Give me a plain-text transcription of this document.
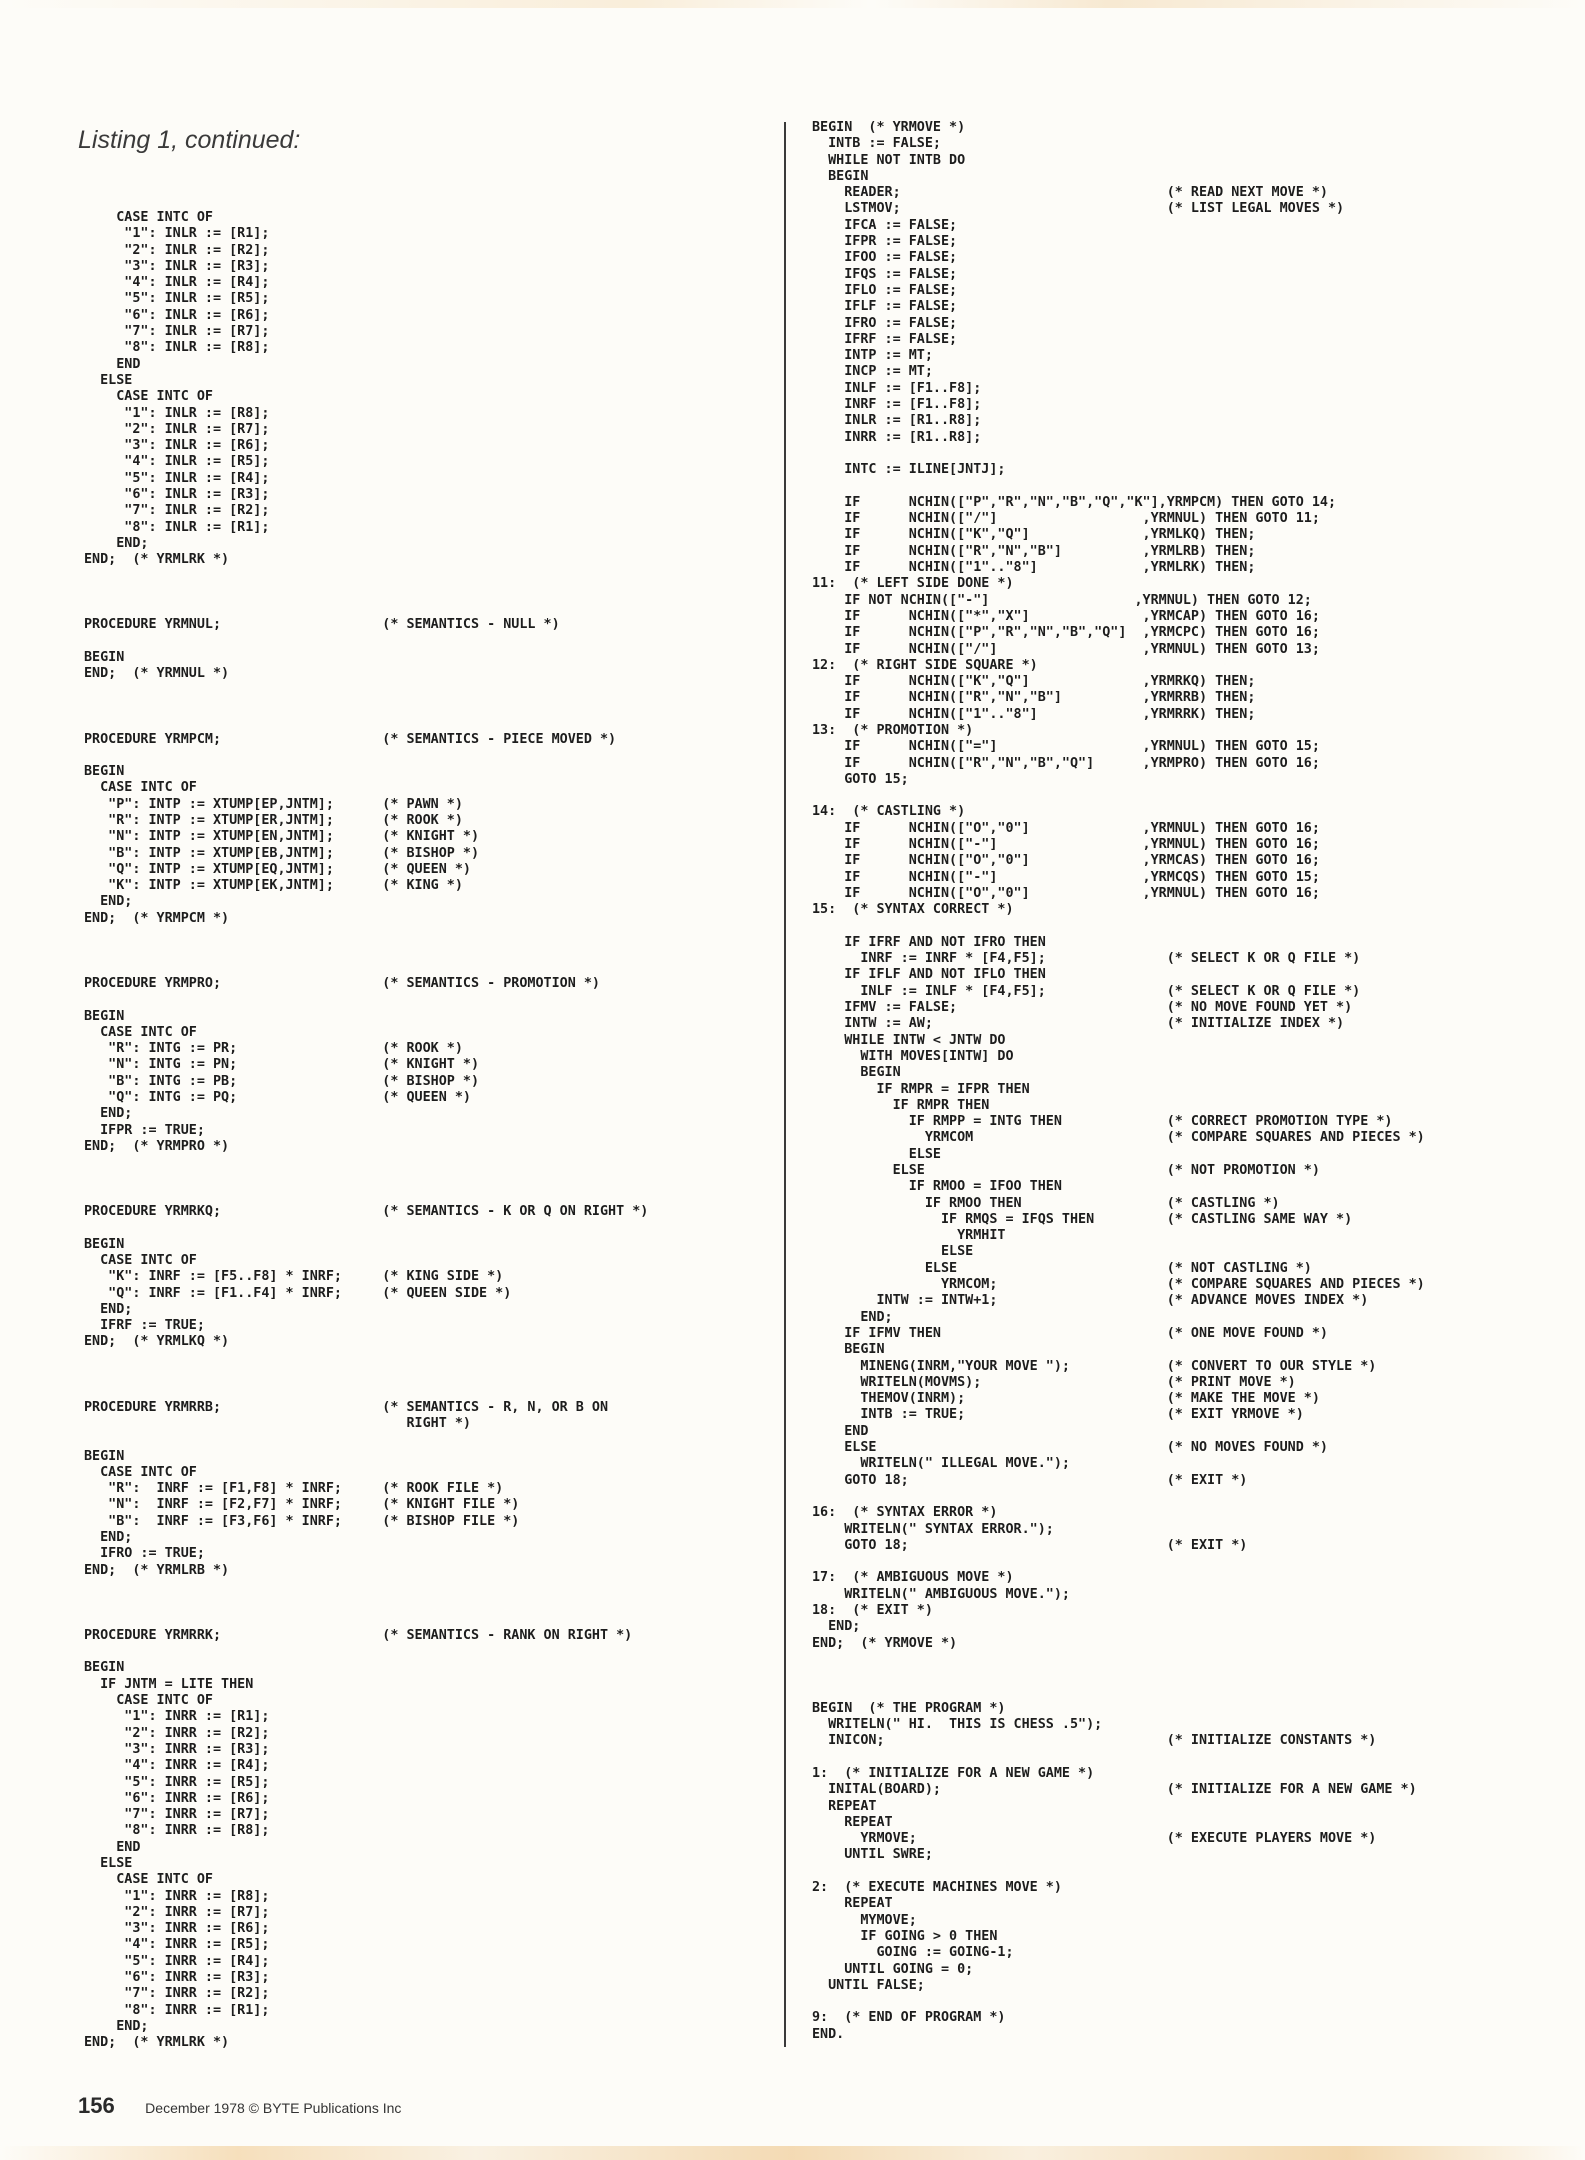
Listing 1, continued:
CASE INTC OF
"1": INLR := [R1];
"2": INLR := [R2];
"3": INLR := [R3];
"4": INLR := [R4];
"5": INLR := [R5];
"6": INLR := [R6];
"7": INLR := [R7];
"8": INLR := [R8];
END
ELSE
CASE INTC OF
"1": INLR := [R8];
"2": INLR := [R7];
"3": INLR := [R6];
"4": INLR := [R5];
"5": INLR := [R4];
"6": INLR := [R3];
"7": INLR := [R2];
"8": INLR := [R1];
END;
END;  (* YRMLRK *)

PROCEDURE YRMNUL;                    (* SEMANTICS - NULL *)

BEGIN
END;  (* YRMNUL *)

PROCEDURE YRMPCM;                    (* SEMANTICS - PIECE MOVED *)

BEGIN
CASE INTC OF
"P": INTP := XTUMP[EP,JNTM];      (* PAWN *)
"R": INTP := XTUMP[ER,JNTM];      (* ROOK *)
"N": INTP := XTUMP[EN,JNTM];      (* KNIGHT *)
"B": INTP := XTUMP[EB,JNTM];      (* BISHOP *)
"Q": INTP := XTUMP[EQ,JNTM];      (* QUEEN *)
"K": INTP := XTUMP[EK,JNTM];      (* KING *)
END;
END;  (* YRMPCM *)

PROCEDURE YRMPRO;                    (* SEMANTICS - PROMOTION *)

BEGIN
CASE INTC OF
"R": INTG := PR;                  (* ROOK *)
"N": INTG := PN;                  (* KNIGHT *)
"B": INTG := PB;                  (* BISHOP *)
"Q": INTG := PQ;                  (* QUEEN *)
END;
IFPR := TRUE;
END;  (* YRMPRO *)

PROCEDURE YRMRKQ;                    (* SEMANTICS - K OR Q ON RIGHT *)

BEGIN
CASE INTC OF
"K": INRF := [F5..F8] * INRF;     (* KING SIDE *)
"Q": INRF := [F1..F4] * INRF;     (* QUEEN SIDE *)
END;
IFRF := TRUE;
END;  (* YRMLKQ *)

PROCEDURE YRMRRB;                    (* SEMANTICS - R, N, OR B ON
RIGHT *)

BEGIN
CASE INTC OF
"R":  INRF := [F1,F8] * INRF;     (* ROOK FILE *)
"N":  INRF := [F2,F7] * INRF;     (* KNIGHT FILE *)
"B":  INRF := [F3,F6] * INRF;     (* BISHOP FILE *)
END;
IFRO := TRUE;
END;  (* YRMLRB *)

PROCEDURE YRMRRK;                    (* SEMANTICS - RANK ON RIGHT *)

BEGIN
IF JNTM = LITE THEN
CASE INTC OF
"1": INRR := [R1];
"2": INRR := [R2];
"3": INRR := [R3];
"4": INRR := [R4];
"5": INRR := [R5];
"6": INRR := [R6];
"7": INRR := [R7];
"8": INRR := [R8];
END
ELSE
CASE INTC OF
"1": INRR := [R8];
"2": INRR := [R7];
"3": INRR := [R6];
"4": INRR := [R5];
"5": INRR := [R4];
"6": INRR := [R3];
"7": INRR := [R2];
"8": INRR := [R1];
END;
END;  (* YRMLRK *)
BEGIN  (* YRMOVE *)
INTB := FALSE;
WHILE NOT INTB DO
BEGIN
READER;                                 (* READ NEXT MOVE *)
LSTMOV;                                 (* LIST LEGAL MOVES *)
IFCA := FALSE;
IFPR := FALSE;
IFOO := FALSE;
IFQS := FALSE;
IFLO := FALSE;
IFLF := FALSE;
IFRO := FALSE;
IFRF := FALSE;
INTP := MT;
INCP := MT;
INLF := [F1..F8];
INRF := [F1..F8];
INLR := [R1..R8];
INRR := [R1..R8];

INTC := ILINE[JNTJ];

IF      NCHIN(["P","R","N","B","Q","K"],YRMPCM) THEN GOTO 14;
IF      NCHIN(["/"]                  ,YRMNUL) THEN GOTO 11;
IF      NCHIN(["K","Q"]              ,YRMLKQ) THEN;
IF      NCHIN(["R","N","B"]          ,YRMLRB) THEN;
IF      NCHIN(["1".."8"]             ,YRMLRK) THEN;
11:  (* LEFT SIDE DONE *)
IF NOT NCHIN(["-"]                  ,YRMNUL) THEN GOTO 12;
IF      NCHIN(["*","X"]              ,YRMCAP) THEN GOTO 16;
IF      NCHIN(["P","R","N","B","Q"]  ,YRMCPC) THEN GOTO 16;
IF      NCHIN(["/"]                  ,YRMNUL) THEN GOTO 13;
12:  (* RIGHT SIDE SQUARE *)
IF      NCHIN(["K","Q"]              ,YRMRKQ) THEN;
IF      NCHIN(["R","N","B"]          ,YRMRRB) THEN;
IF      NCHIN(["1".."8"]             ,YRMRRK) THEN;
13:  (* PROMOTION *)
IF      NCHIN(["="]                  ,YRMNUL) THEN GOTO 15;
IF      NCHIN(["R","N","B","Q"]      ,YRMPRO) THEN GOTO 16;
GOTO 15;

14:  (* CASTLING *)
IF      NCHIN(["O","0"]              ,YRMNUL) THEN GOTO 16;
IF      NCHIN(["-"]                  ,YRMNUL) THEN GOTO 16;
IF      NCHIN(["O","0"]              ,YRMCAS) THEN GOTO 16;
IF      NCHIN(["-"]                  ,YRMCQS) THEN GOTO 15;
IF      NCHIN(["O","0"]              ,YRMNUL) THEN GOTO 16;
15:  (* SYNTAX CORRECT *)

IF IFRF AND NOT IFRO THEN
INRF := INRF * [F4,F5];               (* SELECT K OR Q FILE *)
IF IFLF AND NOT IFLO THEN
INLF := INLF * [F4,F5];               (* SELECT K OR Q FILE *)
IFMV := FALSE;                          (* NO MOVE FOUND YET *)
INTW := AW;                             (* INITIALIZE INDEX *)
WHILE INTW < JNTW DO
WITH MOVES[INTW] DO
BEGIN
IF RMPR = IFPR THEN
IF RMPR THEN
IF RMPP = INTG THEN             (* CORRECT PROMOTION TYPE *)
YRMCOM                        (* COMPARE SQUARES AND PIECES *)
ELSE
ELSE                              (* NOT PROMOTION *)
IF RMOO = IFOO THEN
IF RMOO THEN                  (* CASTLING *)
IF RMQS = IFQS THEN         (* CASTLING SAME WAY *)
YRMHIT
ELSE
ELSE                          (* NOT CASTLING *)
YRMCOM;                     (* COMPARE SQUARES AND PIECES *)
INTW := INTW+1;                     (* ADVANCE MOVES INDEX *)
END;
IF IFMV THEN                            (* ONE MOVE FOUND *)
BEGIN
MINENG(INRM,"YOUR MOVE ");            (* CONVERT TO OUR STYLE *)
WRITELN(MOVMS);                       (* PRINT MOVE *)
THEMOV(INRM);                         (* MAKE THE MOVE *)
INTB := TRUE;                         (* EXIT YRMOVE *)
END
ELSE                                    (* NO MOVES FOUND *)
WRITELN(" ILLEGAL MOVE.");
GOTO 18;                                (* EXIT *)

16:  (* SYNTAX ERROR *)
WRITELN(" SYNTAX ERROR.");
GOTO 18;                                (* EXIT *)

17:  (* AMBIGUOUS MOVE *)
WRITELN(" AMBIGUOUS MOVE.");
18:  (* EXIT *)
END;
END;  (* YRMOVE *)

BEGIN  (* THE PROGRAM *)
WRITELN(" HI.  THIS IS CHESS .5");
INICON;                                   (* INITIALIZE CONSTANTS *)

1:  (* INITIALIZE FOR A NEW GAME *)
INITAL(BOARD);                            (* INITIALIZE FOR A NEW GAME *)
REPEAT
REPEAT
YRMOVE;                               (* EXECUTE PLAYERS MOVE *)
UNTIL SWRE;

2:  (* EXECUTE MACHINES MOVE *)
REPEAT
MYMOVE;
IF GOING > 0 THEN
GOING := GOING-1;
UNTIL GOING = 0;
UNTIL FALSE;

9:  (* END OF PROGRAM *)
END.
156 December 1978 © BYTE Publications Inc
